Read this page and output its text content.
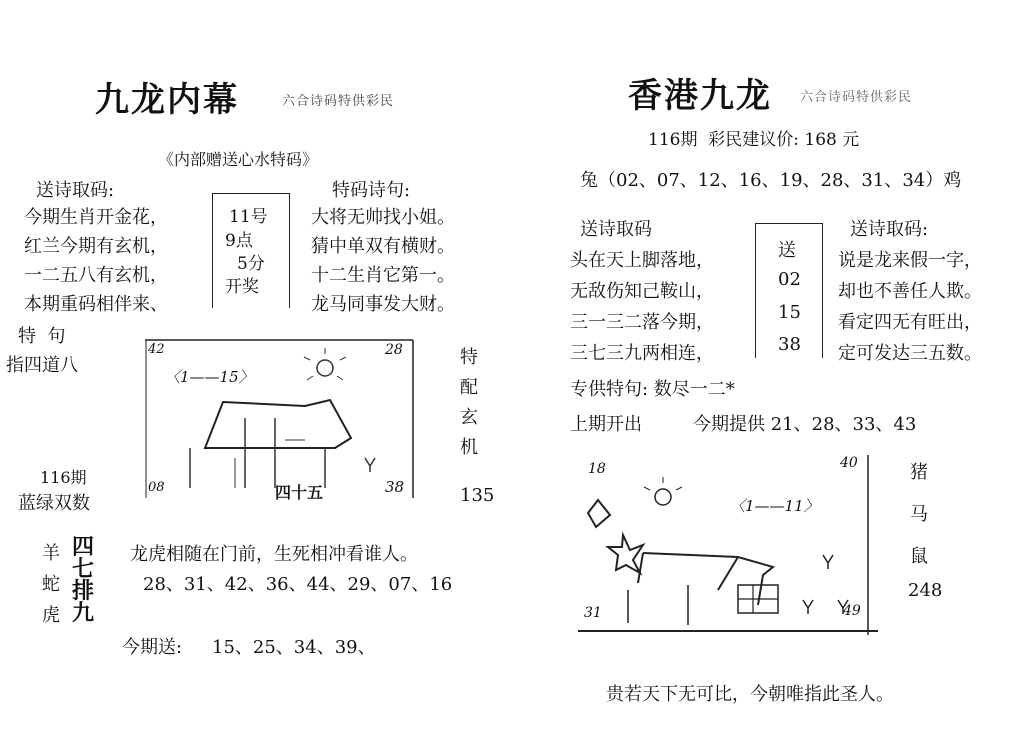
九龙内幕	六合诗码特供彩民
《内部赠送心水特码》
送诗取码:
今期生肖开金花，
红兰今期有玄机，
一二五八有玄机，
本期重码相伴来、
11号
9点
5分
开奖
特码诗句:
大将无帅找小姐。
猜中单双有横财。
十二生肖它第一。
龙马同事发大财。
特  句
指四道八
116期
蓝绿双数
42	28
〈1——15〉
08	38
四十五
特
配
玄
机
135
羊
蛇
虎
四
七
排
九
龙虎相随在门前，生死相冲看谁人。
28、31、42、36、44、29、07、16
今期送: 15、25、34、39、
香港九龙 六合诗码特供彩民
116期  彩民建议价: 168 元
兔（02、07、12、16、19、28、31、34）鸡
送诗取码
头在天上脚落地，
无敌伤知己鞍山，
三一三二落今期，
三七三九两相连，
送
02
15
38
送诗取码:
说是龙来假一字，
却也不善任人欺。
看定四无有旺出，
定可发达三五数。
专供特句: 数尽一二*
上期开出	今期提供 21、28、33、43
18	40
〈1——11〉
31	49
猪
马
鼠
248
贵若天下无可比，今朝唯指此圣人。
